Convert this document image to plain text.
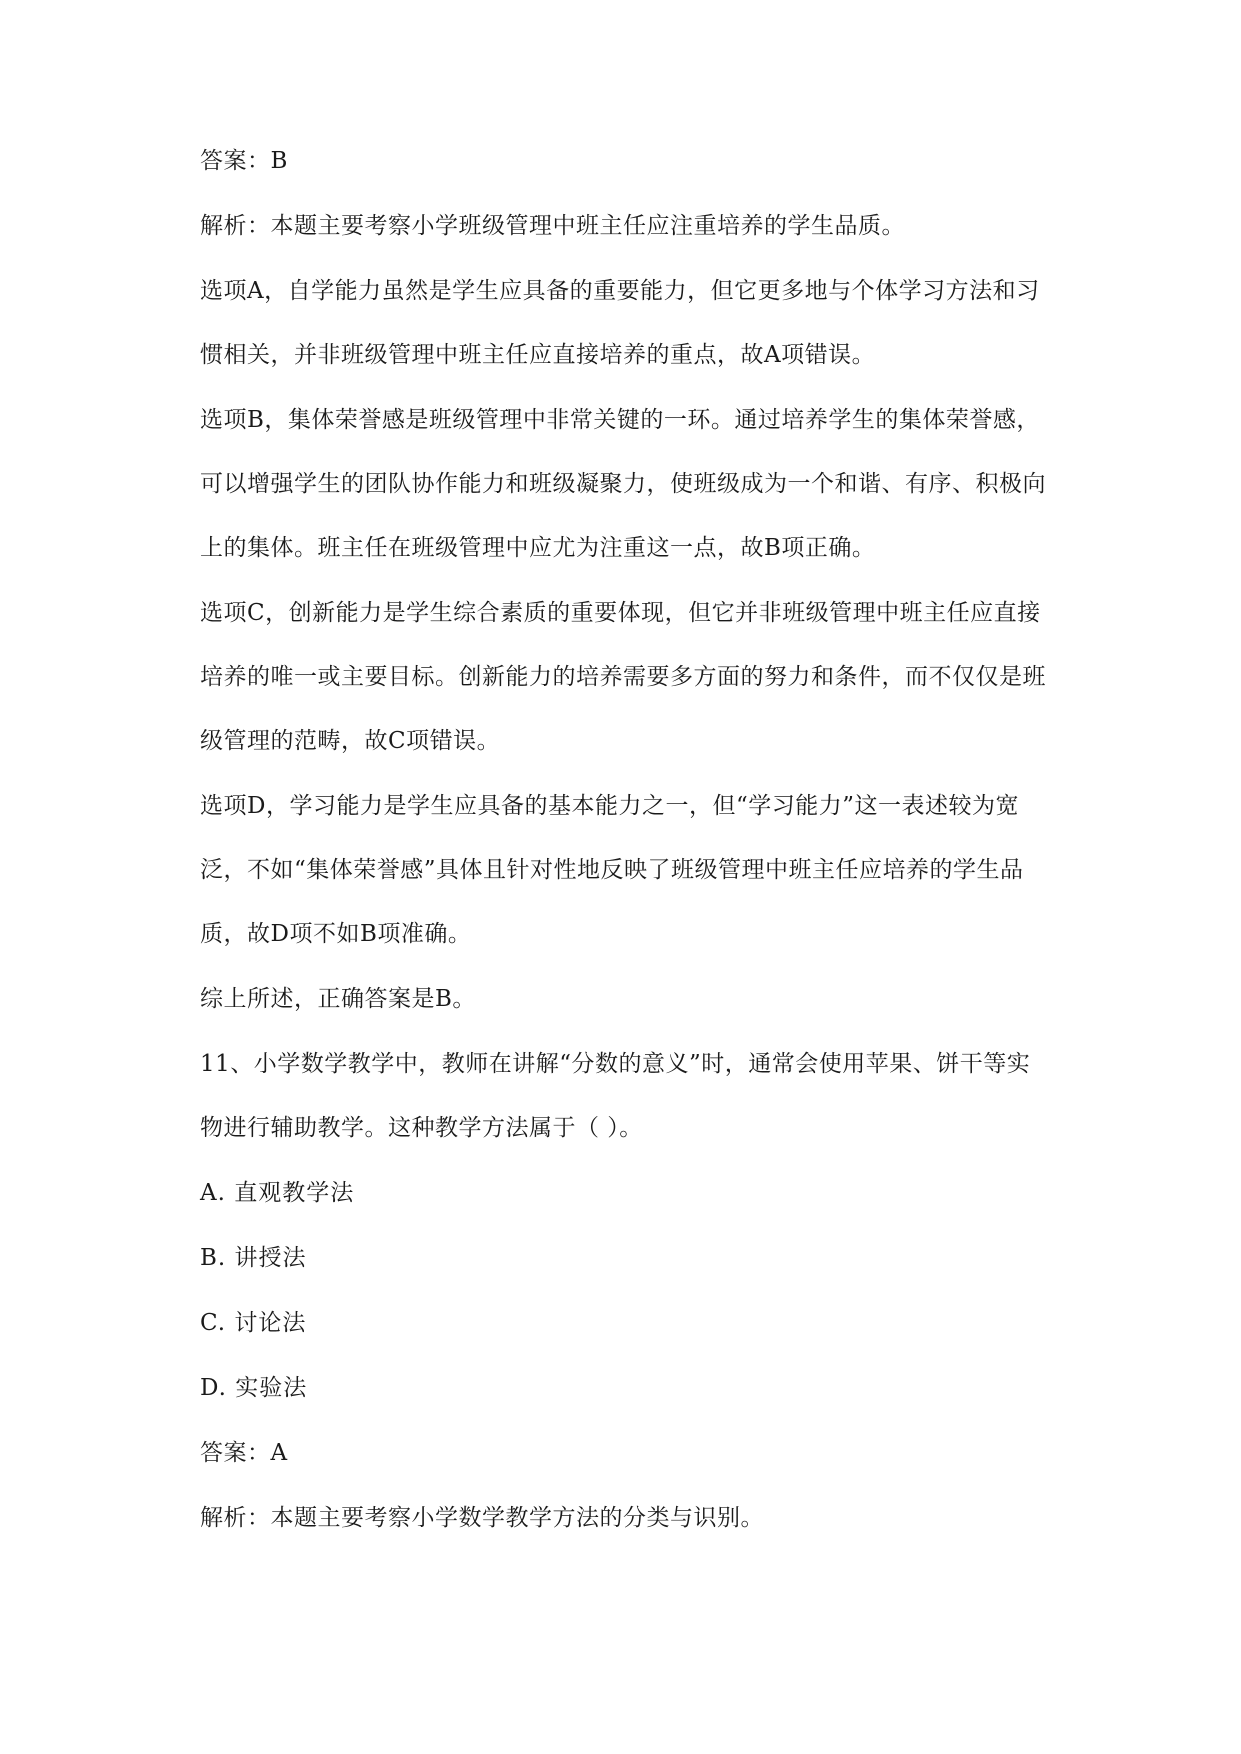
答案：B
解析：本题主要考察小学班级管理中班主任应注重培养的学生品质。
选项A，自学能力虽然是学生应具备的重要能力，但它更多地与个体学习方法和习
惯相关，并非班级管理中班主任应直接培养的重点，故A项错误。
选项B，集体荣誉感是班级管理中非常关键的一环。通过培养学生的集体荣誉感，
可以增强学生的团队协作能力和班级凝聚力，使班级成为一个和谐、有序、积极向
上的集体。班主任在班级管理中应尤为注重这一点，故B项正确。
选项C，创新能力是学生综合素质的重要体现，但它并非班级管理中班主任应直接
培养的唯一或主要目标。创新能力的培养需要多方面的努力和条件，而不仅仅是班
级管理的范畴，故C项错误。
选项D，学习能力是学生应具备的基本能力之一，但“学习能力”这一表述较为宽
泛，不如“集体荣誉感”具体且针对性地反映了班级管理中班主任应培养的学生品
质，故D项不如B项准确。
综上所述，正确答案是B。
11、小学数学教学中，教师在讲解“分数的意义”时，通常会使用苹果、饼干等实
物进行辅助教学。这种教学方法属于（ ）。
A. 直观教学法
B. 讲授法
C. 讨论法
D. 实验法
答案：A
解析：本题主要考察小学数学教学方法的分类与识别。
